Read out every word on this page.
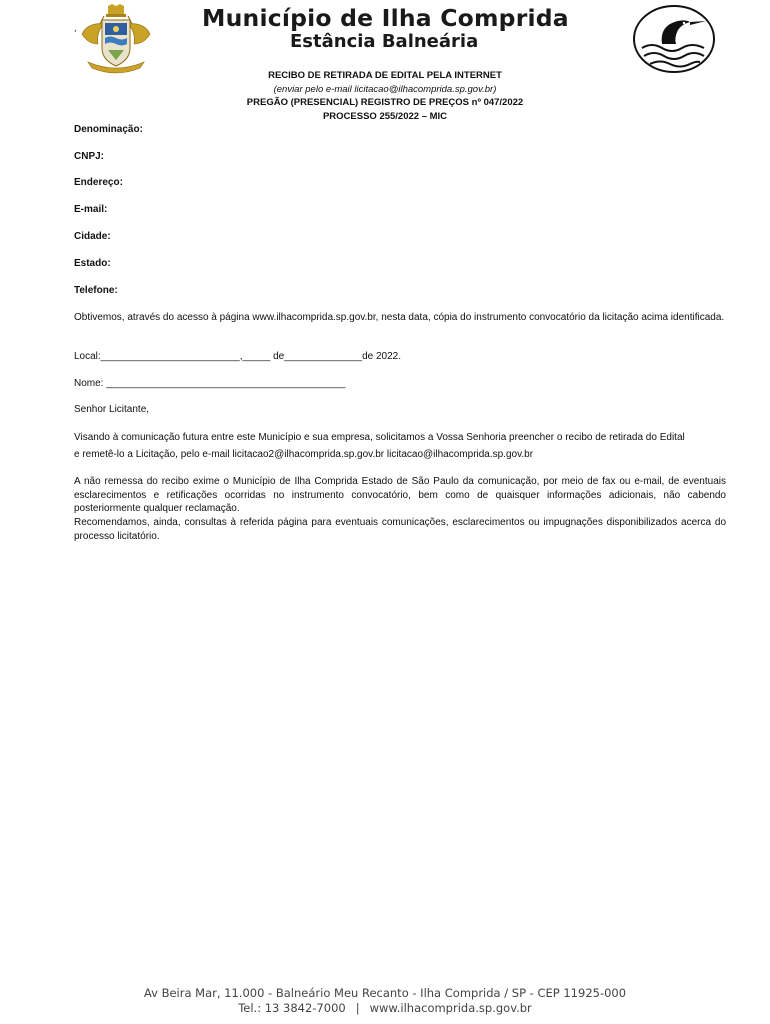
,	Município de Ilha Comprida
Estância Balneária
RECIBO DE RETIRADA DE EDITAL PELA INTERNET
(enviar pelo e-mail licitacao@ilhacomprida.sp.gov.br)
PREGÃO (PRESENCIAL) REGISTRO DE PREÇOS nº 047/2022
PROCESSO 255/2022 – MIC
Denominação:
CNPJ:
Endereço:
E-mail:
Cidade:
Estado:
Telefone:
Obtivemos, através do acesso à página www.ilhacomprida.sp.gov.br, nesta data, cópia do instrumento convocatório da licitação acima identificada.
Local:_________________________,_____ de______________de 2022.
Nome: ___________________________________________
Senhor Licitante,
Visando à comunicação futura entre este Município e sua empresa, solicitamos a Vossa Senhoria preencher o recibo de retirada do Edital
e remetê-lo a Licitação, pelo e-mail licitacao2@ilhacomprida.sp.gov.br licitacao@ilhacomprida.sp.gov.br
A não remessa do recibo exime o Município de Ilha Comprida Estado de São Paulo da comunicação, por meio de fax ou e-mail, de eventuais esclarecimentos e retificações ocorridas no instrumento convocatório, bem como de quaisquer informações adicionais, não cabendo posteriormente qualquer reclamação.
Recomendamos, ainda, consultas à referida página para eventuais comunicações, esclarecimentos ou impugnações disponibilizados acerca do processo licitatório.
Av Beira Mar, 11.000 - Balneário Meu Recanto - Ilha Comprida / SP - CEP 11925-000
Tel.: 13 3842-7000 | www.ilhacomprida.sp.gov.br
